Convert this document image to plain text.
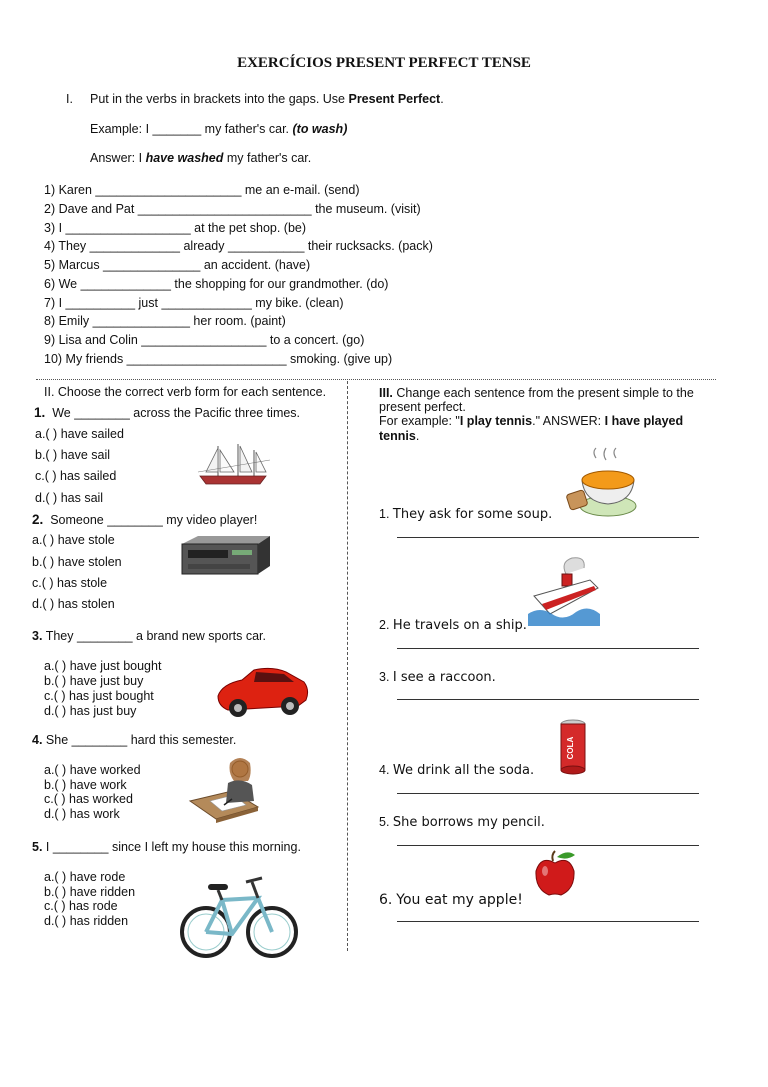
EXERCÍCIOS PRESENT PERFECT TENSE
I. Put in the verbs in brackets into the gaps. Use Present Perfect.
Example: I _______ my father's car. (to wash)
Answer: I have washed my father's car.
1) Karen _____________________ me an e-mail. (send)
2) Dave and Pat _________________________ the museum. (visit)
3) I __________________ at the pet shop. (be)
4) They _____________ already ___________ their rucksacks. (pack)
5) Marcus ______________ an accident. (have)
6) We _____________ the shopping for our grandmother. (do)
7) I __________ just _____________ my bike. (clean)
8) Emily ______________ her room. (paint)
9) Lisa and Colin __________________ to a concert. (go)
10) My friends _______________________ smoking. (give up)
II. Choose the correct verb form for each sentence.
1. We ________ across the Pacific three times.
a.( ) have sailed
b.( ) have sail
c.( ) has sailed
d.( ) has sail
2. Someone ________ my video player!
a.( ) have stole
b.( ) have stolen
c.( ) has stole
d.( ) has stolen
3. They ________ a brand new sports car.
a.( ) have just bought
b.( ) have just buy
c.( ) has just bought
d.( ) has just buy
4. She ________ hard this semester.
a.( ) have worked
b.( ) have work
c.( ) has worked
d.( ) has work
5. I ________ since I left my house this morning.
a.( ) have rode
b.( ) have ridden
c.( ) has rode
d.( ) has ridden
III. Change each sentence from the present simple to the present perfect.
For example: "I play tennis." ANSWER: I have played tennis.
1. They ask for some soup.
2. He travels on a ship.
3. I see a raccoon.
4. We drink all the soda.
5. She borrows my pencil.
6. You eat my apple!
COLA
